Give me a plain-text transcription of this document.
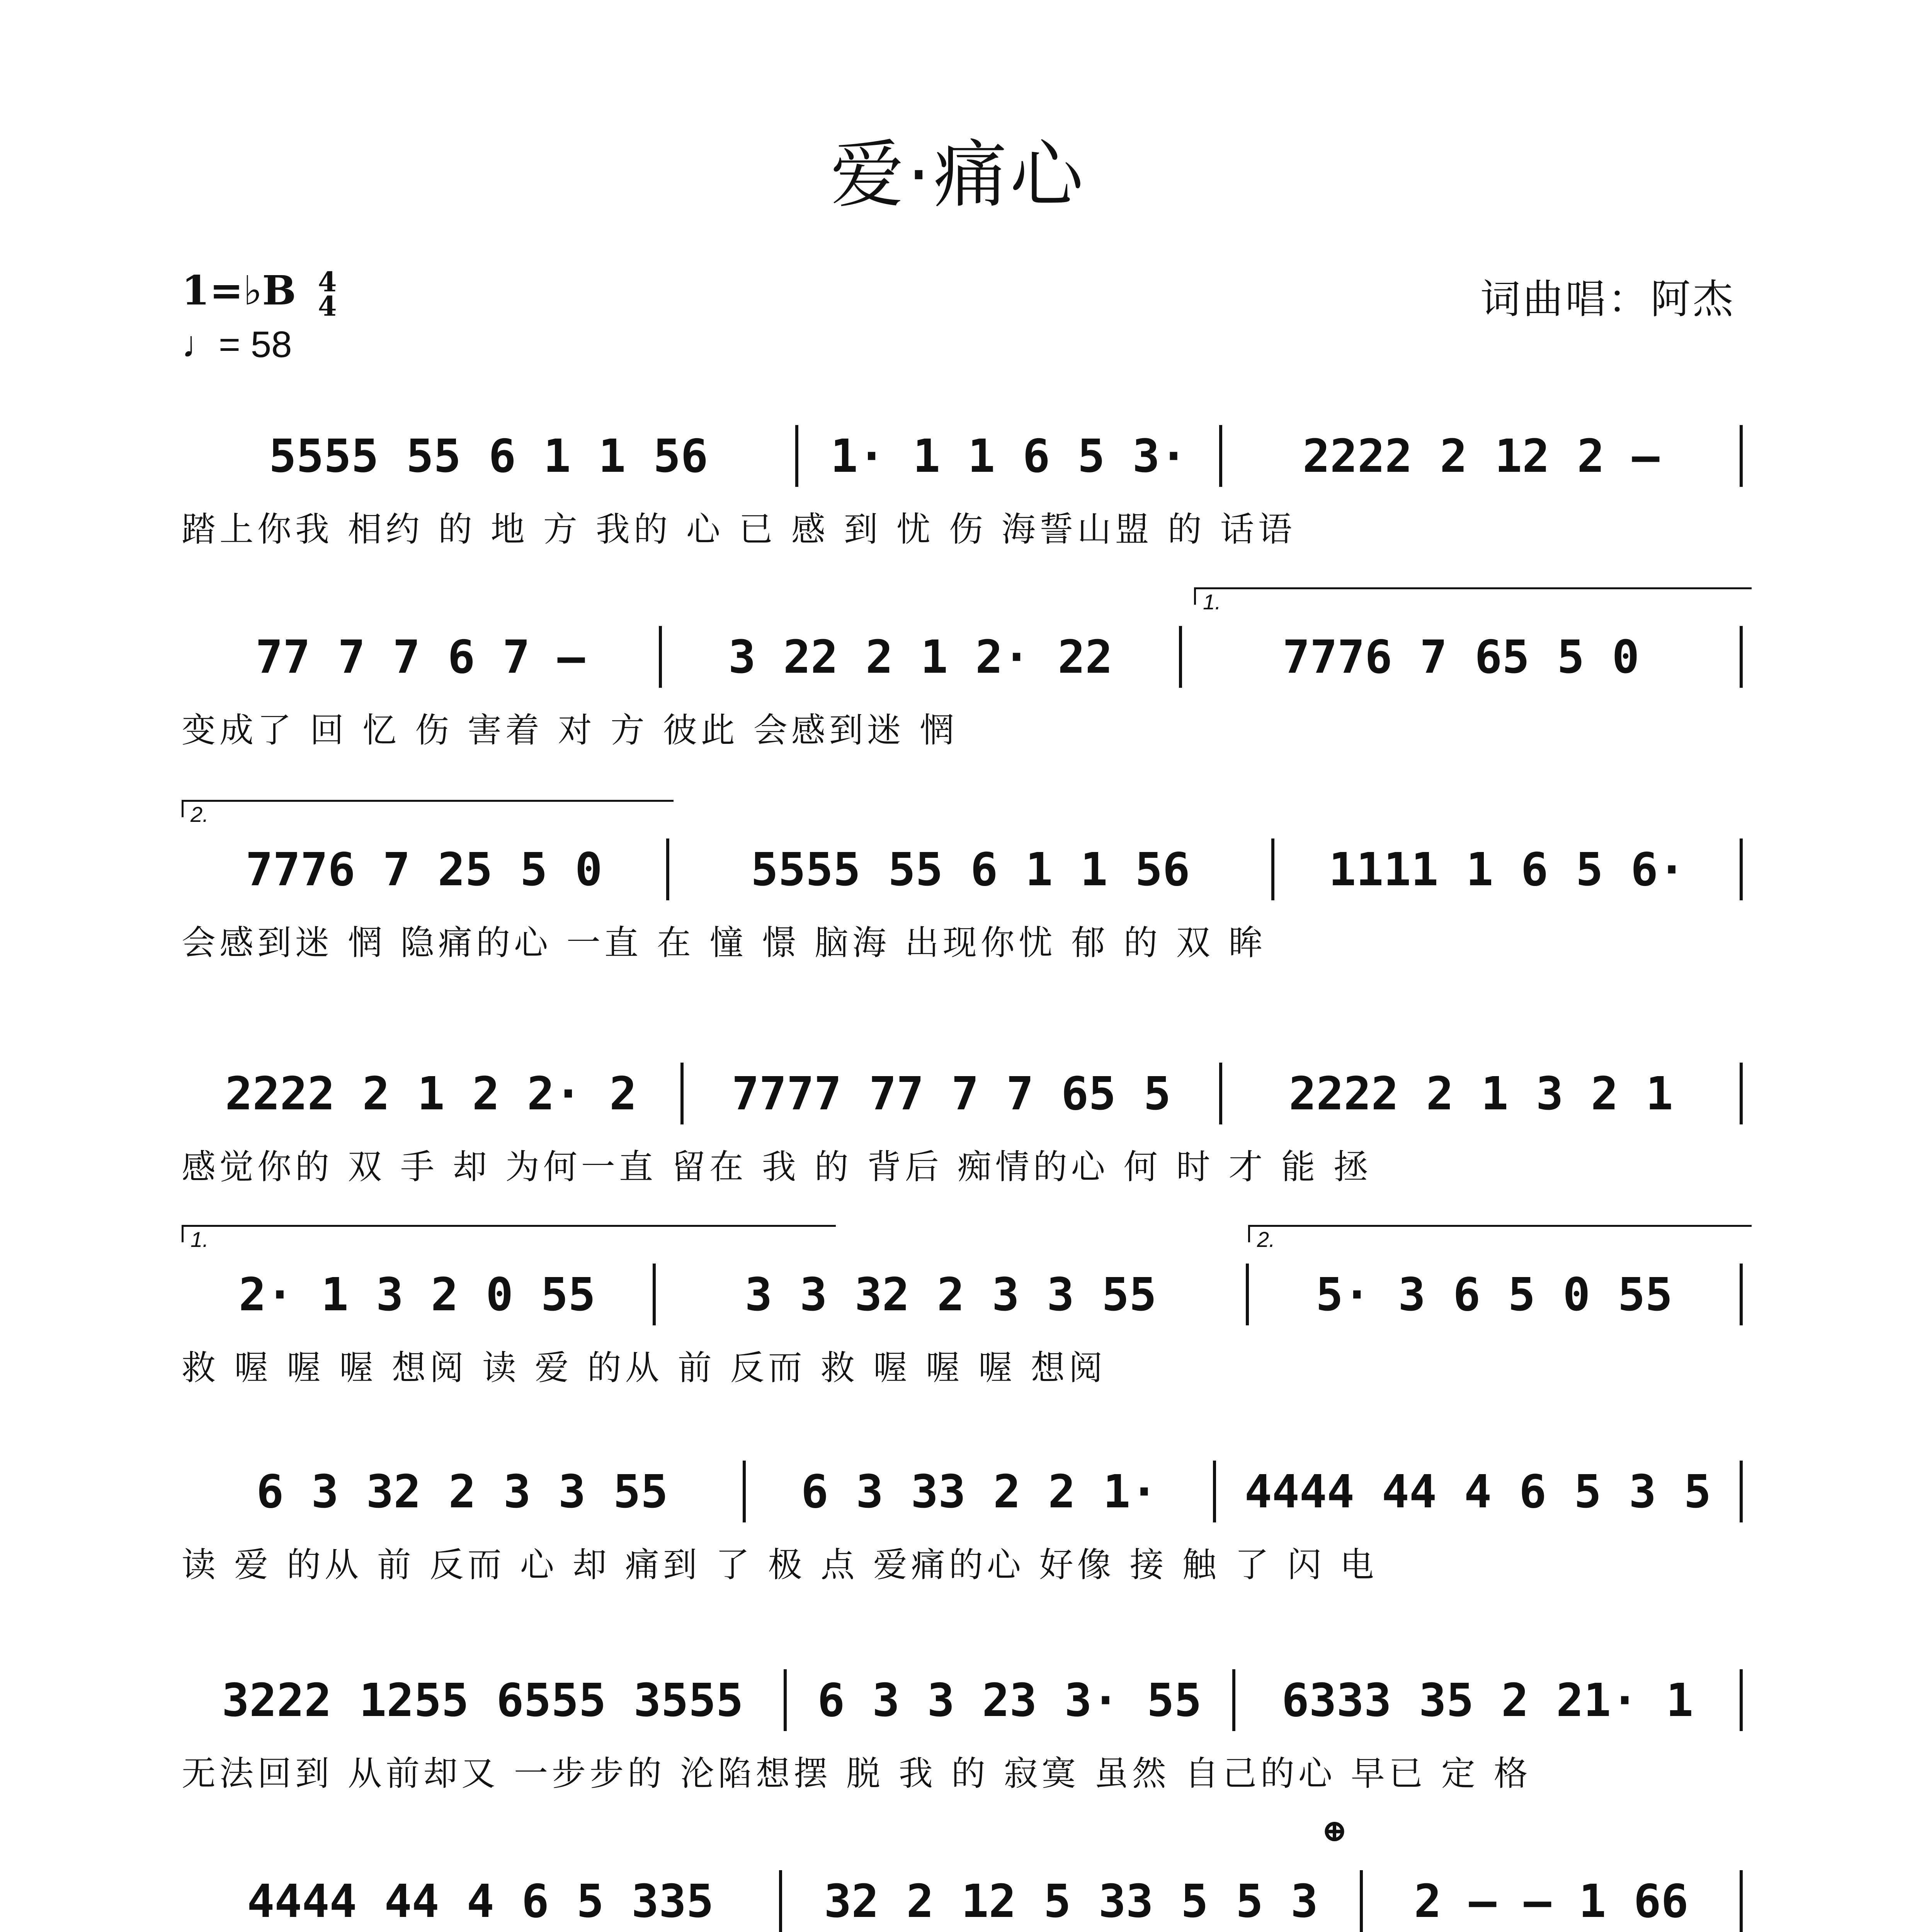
爱·痛心
1=♭B 4
4
♩= 58
词曲唱：阿杰
5555 55 6 1 1 56	1· 1 1 6 5 3·	2222 2 12 2 –
踏上你我 相约 的 地 方 我的 心 已 感 到 忧 伤 海誓山盟 的 话语
1.
77 7 7 6 7 –	3 22 2 1 2· 22	7776 7 65 5 0
变成了 回 忆 伤 害着 对 方 彼此 会感到迷 惘
2.
7776 7 25 5 0	5555 55 6 1 1 56	1111 1 6 5 6·
会感到迷 惘 隐痛的心 一直 在 憧 憬 脑海 出现你忧 郁 的 双 眸
2222 2 1 2 2· 2	7777 77 7 7 65 5	2222 2 1 3 2 1
感觉你的 双 手 却 为何一直 留在 我 的 背后 痴情的心 何 时 才 能 拯
1.	2.
2· 1 3 2 0 55	3 3 32 2 3 3 55	5· 3 6 5 0 55
救 喔 喔 喔 想阅 读 爱 的从 前 反而 救 喔 喔 喔 想阅
6 3 32 2 3 3 55	6 3 33 2 2 1·	4444 44 4 6 5 3 5
读 爱 的从 前 反而 心 却 痛到 了 极 点 爱痛的心 好像 接 触 了 闪 电
3222 1255 6555 3555	6 3 3 23 3· 55	6333 35 2 21· 1
无法回到 从前却又 一步步的 沦陷想摆 脱 我 的 寂寞 虽然 自己的心 早已 定 格
⊕
4444 44 4 6 5 335	32 2 12 5 33 5 5 3	2 – – 1 66
